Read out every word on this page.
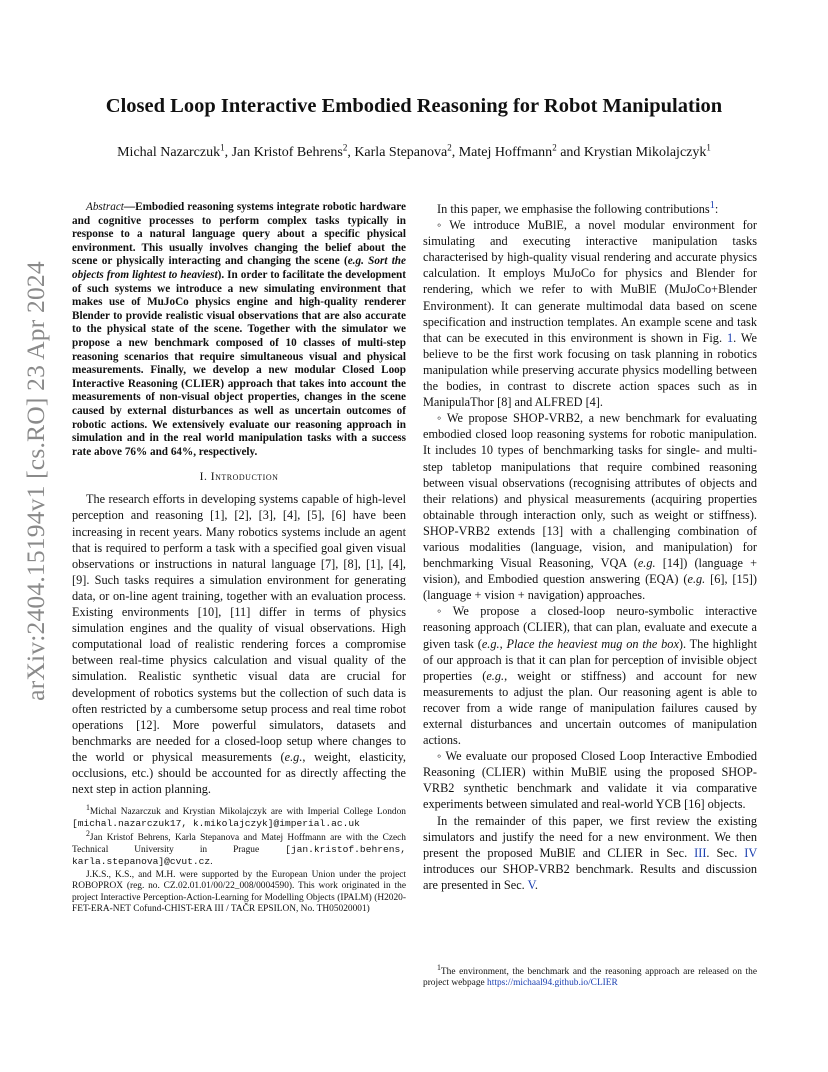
arXiv:2404.15194v1 [cs.RO] 23 Apr 2024
Closed Loop Interactive Embodied Reasoning for Robot Manipulation
Michal Nazarczuk$^1$, Jan Kristof Behrens$^2$, Karla Stepanova$^2$, Matej Hoffmann$^2$ and Krystian Mikolajczyk$^1$

Abstract—Embodied reasoning systems integrate robotic hardware and cognitive processes to perform complex tasks typically in response to a natural language query about a specific physical environment. This usually involves changing the belief about the scene or physically interacting and changing the scene (e.g. Sort the objects from lightest to heaviest). In order to facilitate the development of such systems we introduce a new simulating environment that makes use of MuJoCo physics engine and high-quality renderer Blender to provide realistic visual observations that are also accurate to the physical state of the scene. Together with the simulator we propose a new benchmark composed of 10 classes of multi-step reasoning scenarios that require simultaneous visual and physical measurements. Finally, we develop a new modular Closed Loop Interactive Reasoning (CLIER) approach that takes into account the measurements of non-visual object properties, changes in the scene caused by external disturbances as well as uncertain outcomes of robotic actions. We extensively evaluate our reasoning approach in simulation and in the real world manipulation tasks with a success rate above 76% and 64%, respectively.

I. Introduction

The research efforts in developing systems capable of high-level perception and reasoning [1], [2], [3], [4], [5], [6] have been increasing in recent years. Many robotics systems include an agent that is required to perform a task with a specified goal given visual observations or instructions in natural language [7], [8], [1], [4], [9]. Such tasks requires a simulation environment for generating data, or on-line agent training, together with an evaluation process. Existing environments [10], [11] differ in terms of physics simulation engines and the quality of visual observations. High computational load of realistic rendering forces a compromise between real-time physics calculation and visual quality of the simulation. Realistic synthetic visual data are crucial for development of robotics systems but the collection of such data is often restricted by a cumbersome setup process and real time robot operations [12]. More powerful simulators, datasets and benchmarks are needed for a closed-loop setup where changes to the world or physical measurements (e.g., weight, elasticity, occlusions, etc.) should be accounted for as directly affecting the next step in action planning.

$^1$Michal Nazarczuk and Krystian Mikolajczyk are with Imperial College London [michal.nazarczuk17, k.mikolajczyk]@imperial.ac.uk

$^2$Jan Kristof Behrens, Karla Stepanova and Matej Hoffmann are with the Czech Technical University in Prague [jan.kristof.behrens, karla.stepanova]@cvut.cz.

J.K.S., K.S., and M.H. were supported by the European Union under the project ROBOPROX (reg. no. CZ.02.01.01/00/22_008/0004590). This work originated in the project Interactive Perception-Action-Learning for Modelling Objects (IPALM) (H2020-FET-ERA-NET Cofund-CHIST-ERA III / TAČR EPSILON, No. TH05020001)

In this paper, we emphasise the following contributions$^1$:

◦ We introduce MuBlE, a novel modular environment for simulating and executing interactive manipulation tasks characterised by high-quality visual rendering and accurate physics calculation. It employs MuJoCo for physics and Blender for rendering, which we refer to with MuBlE (MuJoCo+Blender Environment). It can generate multimodal data based on scene specification and instruction templates. An example scene and task that can be executed in this environment is shown in Fig. 1. We believe to be the first work focusing on task planning in robotics manipulation while preserving accurate physics modelling between the bodies, in contrast to discrete action spaces such as in ManipulaThor [8] and ALFRED [4].

◦ We propose SHOP-VRB2, a new benchmark for evaluating embodied closed loop reasoning systems for robotic manipulation. It includes 10 types of benchmarking tasks for single- and multi-step tabletop manipulations that require combined reasoning between visual observations (recognising attributes of objects and their relations) and physical measurements (acquiring properties obtainable through interaction only, such as weight or stiffness). SHOP-VRB2 extends [13] with a challenging combination of various modalities (language, vision, and manipulation) for benchmarking Visual Reasoning, VQA (e.g. [14]) (language + vision), and Embodied question answering (EQA) (e.g. [6], [15]) (language + vision + navigation) approaches.

◦ We propose a closed-loop neuro-symbolic interactive reasoning approach (CLIER), that can plan, evaluate and execute a given task (e.g., Place the heaviest mug on the box). The highlight of our approach is that it can plan for perception of invisible object properties (e.g., weight or stiffness) and account for new measurements to adjust the plan. Our reasoning agent is able to recover from a wide range of manipulation failures caused by external disturbances and uncertain outcomes of manipulation actions.

◦ We evaluate our proposed Closed Loop Interactive Embodied Reasoning (CLIER) within MuBlE using the proposed SHOP-VRB2 synthetic benchmark and validate it via comparative experiments between simulated and real-world YCB [16] objects.

In the remainder of this paper, we first review the existing simulators and justify the need for a new environment. We then present the proposed MuBlE and CLIER in Sec. III. Sec. IV introduces our SHOP-VRB2 benchmark. Results and discussion are presented in Sec. V.

$^1$The environment, the benchmark and the reasoning approach are released on the project webpage https://michaal94.github.io/CLIER
